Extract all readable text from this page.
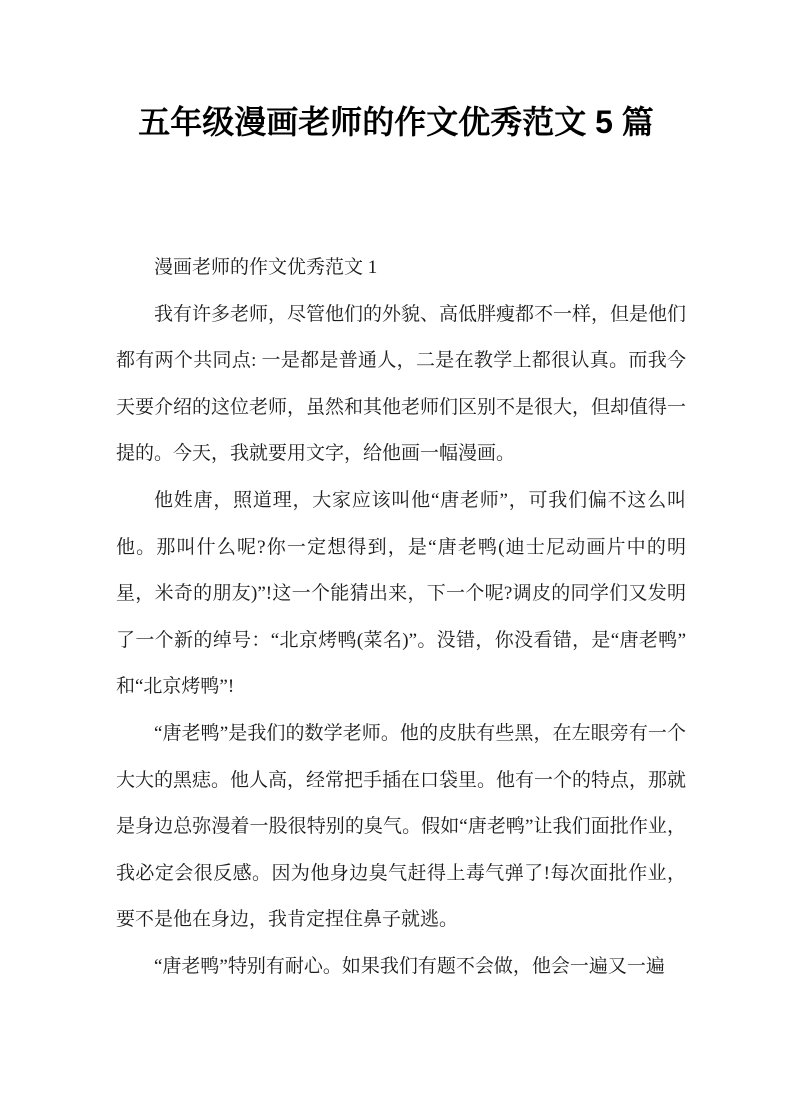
五年级漫画老师的作文优秀范文 5 篇

漫画老师的作文优秀范文 1

我有许多老师，尽管他们的外貌、高低胖瘦都不一样，但是他们都有两个共同点: 一是都是普通人，二是在教学上都很认真。而我今天要介绍的这位老师，虽然和其他老师们区别不是很大，但却值得一提的。今天，我就要用文字，给他画一幅漫画。

他姓唐，照道理，大家应该叫他“唐老师”，可我们偏不这么叫他。那叫什么呢?你一定想得到，是“唐老鸭(迪士尼动画片中的明星，米奇的朋友)”!这一个能猜出来，下一个呢?调皮的同学们又发明了一个新的绰号：“北京烤鸭(菜名)”。没错，你没看错，是“唐老鸭”和“北京烤鸭”!

“唐老鸭”是我们的数学老师。他的皮肤有些黑，在左眼旁有一个大大的黑痣。他人高，经常把手插在口袋里。他有一个的特点，那就是身边总弥漫着一股很特别的臭气。假如“唐老鸭”让我们面批作业，我必定会很反感。因为他身边臭气赶得上毒气弹了!每次面批作业，要不是他在身边，我肯定捏住鼻子就逃。

“唐老鸭”特别有耐心。如果我们有题不会做，他会一遍又一遍
